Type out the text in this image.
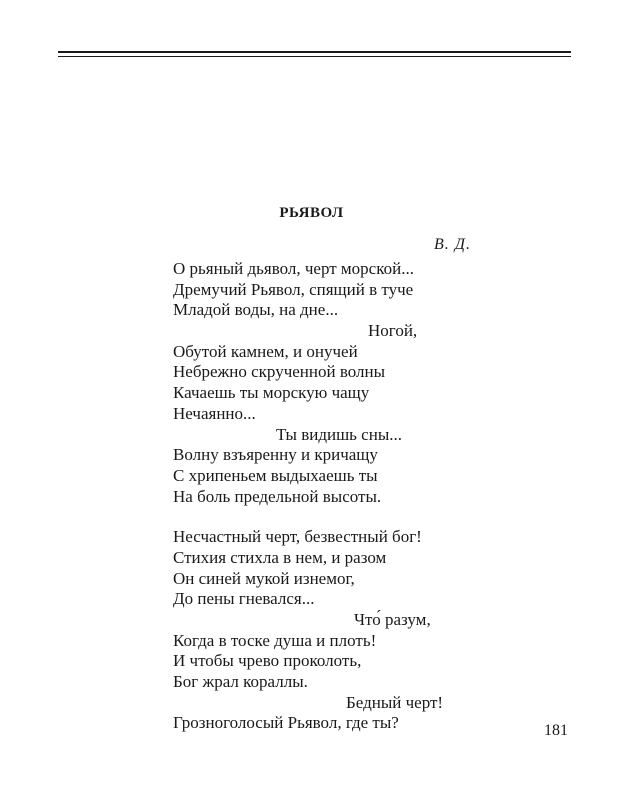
РЬЯВОЛ
В. Д.
О рьяный дьявол, черт морской...
Дремучий Рьявол, спящий в туче
Младой воды, на дне...
Ногой,
Обутой камнем, и онучей
Небрежно скрученной волны
Качаешь ты морскую чащу
Нечаянно...
Ты видишь сны...
Волну взъяренну и кричащу
С хрипеньем выдыхаешь ты
На боль предельной высоты.
Несчастный черт, безвестный бог!
Стихия стихла в нем, и разом
Он синей мукой изнемог,
До пены гневался...
Что́ разум,
Когда в тоске душа и плоть!
И чтобы чрево проколоть,
Бог жрал кораллы.
Бедный черт!
Грозноголосый Рьявол, где ты?	181
